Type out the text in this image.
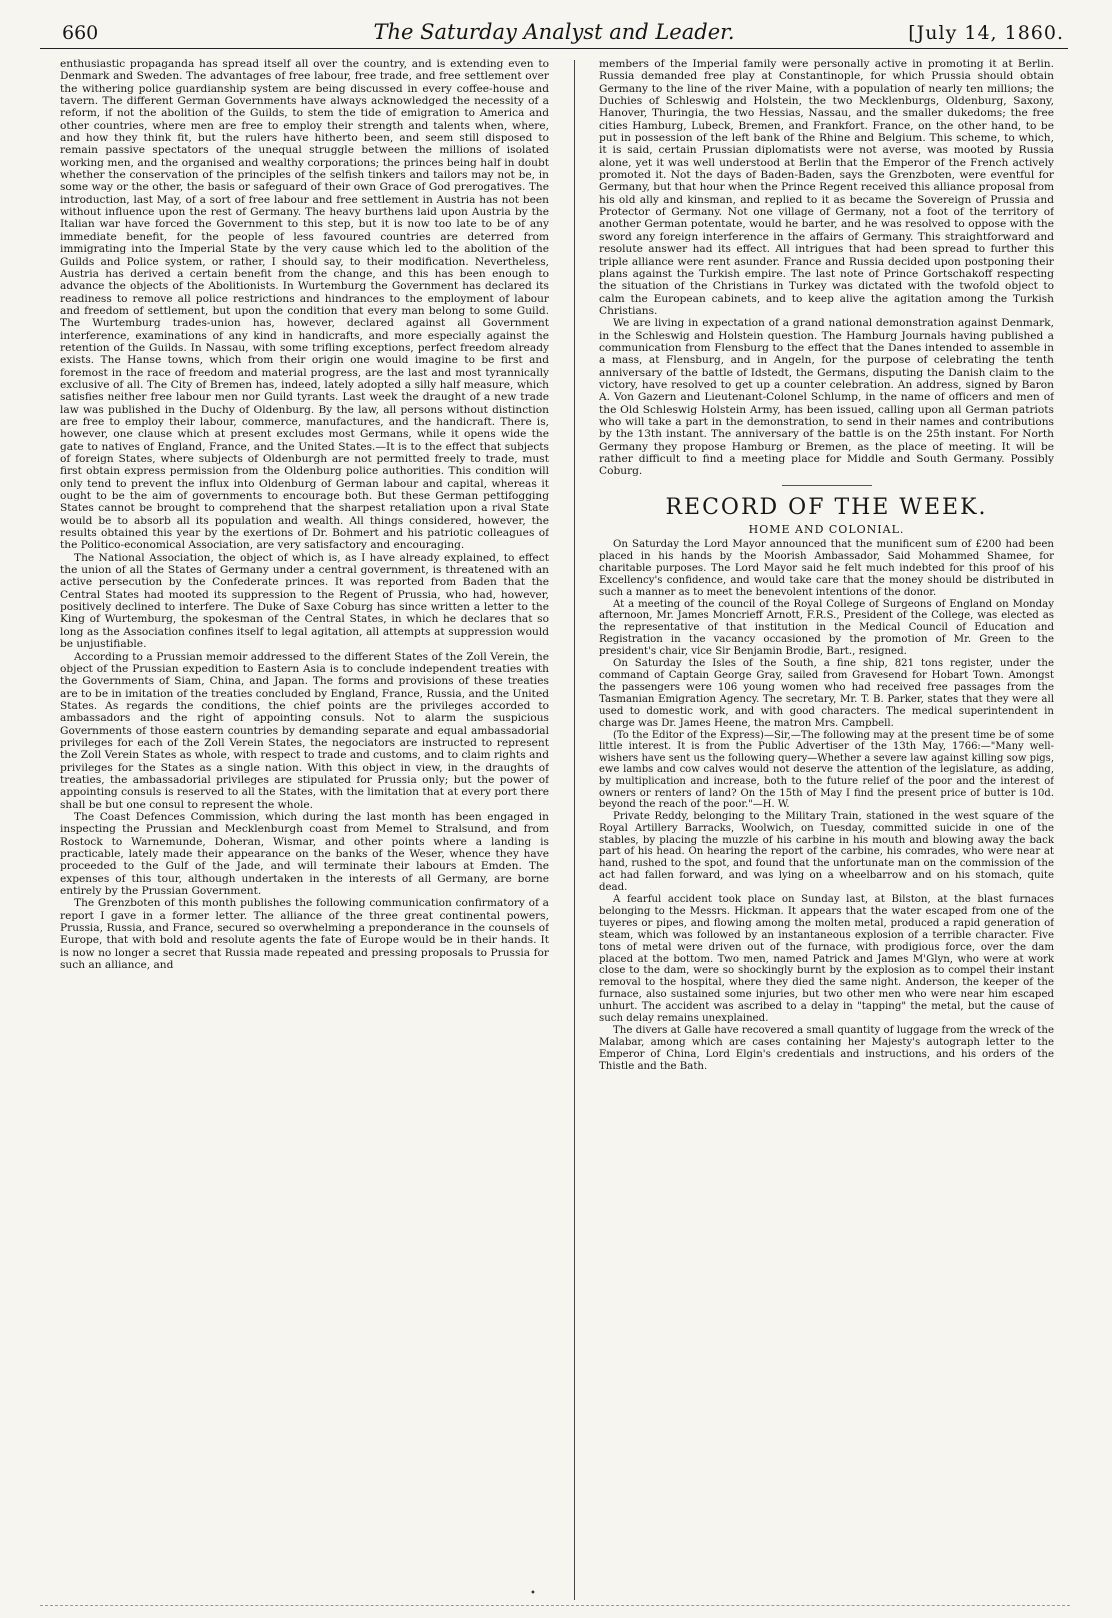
660	The Saturday Analyst and Leader.	[July 14, 1860.

enthusiastic propaganda has spread itself all over the country, and is extending even to Denmark and Sweden. The advantages of free labour, free trade, and free settlement over the withering police guardianship system are being discussed in every coffee-house and tavern. The different German Governments have always acknowledged the necessity of a reform, if not the abolition of the Guilds, to stem the tide of emigration to America and other countries, where men are free to employ their strength and talents when, where, and how they think fit, but the rulers have hitherto been, and seem still disposed to remain passive spectators of the unequal struggle between the millions of isolated working men, and the organised and wealthy corporations; the princes being half in doubt whether the conservation of the principles of the selfish tinkers and tailors may not be, in some way or the other, the basis or safeguard of their own Grace of God prerogatives. The introduction, last May, of a sort of free labour and free settlement in Austria has not been without influence upon the rest of Germany. The heavy burthens laid upon Austria by the Italian war have forced the Government to this step, but it is now too late to be of any immediate benefit, for the people of less favoured countries are deterred from immigrating into the Imperial State by the very cause which led to the abolition of the Guilds and Police system, or rather, I should say, to their modification. Nevertheless, Austria has derived a certain benefit from the change, and this has been enough to advance the objects of the Abolitionists. In Wurtemburg the Government has declared its readiness to remove all police restrictions and hindrances to the employment of labour and freedom of settlement, but upon the condition that every man belong to some Guild. The Wurtemburg trades-union has, however, declared against all Government interference, examinations of any kind in handicrafts, and more especially against the retention of the Guilds. In Nassau, with some trifling exceptions, perfect freedom already exists. The Hanse towns, which from their origin one would imagine to be first and foremost in the race of freedom and material progress, are the last and most tyrannically exclusive of all. The City of Bremen has, indeed, lately adopted a silly half measure, which satisfies neither free labour men nor Guild tyrants. Last week the draught of a new trade law was published in the Duchy of Oldenburg. By the law, all persons without distinction are free to employ their labour, commerce, manufactures, and the handicraft. There is, however, one clause which at present excludes most Germans, while it opens wide the gate to natives of England, France, and the United States.—It is to the effect that subjects of foreign States, where subjects of Oldenburgh are not permitted freely to trade, must first obtain express permission from the Oldenburg police authorities. This condition will only tend to prevent the influx into Oldenburg of German labour and capital, whereas it ought to be the aim of governments to encourage both. But these German pettifogging States cannot be brought to comprehend that the sharpest retaliation upon a rival State would be to absorb all its population and wealth. All things considered, however, the results obtained this year by the exertions of Dr. Bohmert and his patriotic colleagues of the Politico-economical Association, are very satisfactory and encouraging.

The National Association, the object of which is, as I have already explained, to effect the union of all the States of Germany under a central government, is threatened with an active persecution by the Confederate princes. It was reported from Baden that the Central States had mooted its suppression to the Regent of Prussia, who had, however, positively declined to interfere. The Duke of Saxe Coburg has since written a letter to the King of Wurtemburg, the spokesman of the Central States, in which he declares that so long as the Association confines itself to legal agitation, all attempts at suppression would be unjustifiable.

According to a Prussian memoir addressed to the different States of the Zoll Verein, the object of the Prussian expedition to Eastern Asia is to conclude independent treaties with the Governments of Siam, China, and Japan. The forms and provisions of these treaties are to be in imitation of the treaties concluded by England, France, Russia, and the United States. As regards the conditions, the chief points are the privileges accorded to ambassadors and the right of appointing consuls. Not to alarm the suspicious Governments of those eastern countries by demanding separate and equal ambassadorial privileges for each of the Zoll Verein States, the negociators are instructed to represent the Zoll Verein States as whole, with respect to trade and customs, and to claim rights and privileges for the States as a single nation. With this object in view, in the draughts of treaties, the ambassadorial privileges are stipulated for Prussia only; but the power of appointing consuls is reserved to all the States, with the limitation that at every port there shall be but one consul to represent the whole.

The Coast Defences Commission, which during the last month has been engaged in inspecting the Prussian and Mecklenburgh coast from Memel to Stralsund, and from Rostock to Warnemunde, Doheran, Wismar, and other points where a landing is practicable, lately made their appearance on the banks of the Weser, whence they have proceeded to the Gulf of the Jade, and will terminate their labours at Emden. The expenses of this tour, although undertaken in the interests of all Germany, are borne entirely by the Prussian Government.

The Grenzboten of this month publishes the following communication confirmatory of a report I gave in a former letter. The alliance of the three great continental powers, Prussia, Russia, and France, secured so overwhelming a preponderance in the counsels of Europe, that with bold and resolute agents the fate of Europe would be in their hands. It is now no longer a secret that Russia made repeated and pressing proposals to Prussia for such an alliance, and

members of the Imperial family were personally active in promoting it at Berlin. Russia demanded free play at Constantinople, for which Prussia should obtain Germany to the line of the river Maine, with a population of nearly ten millions; the Duchies of Schleswig and Holstein, the two Mecklenburgs, Oldenburg, Saxony, Hanover, Thuringia, the two Hessias, Nassau, and the smaller dukedoms; the free cities Hamburg, Lubeck, Bremen, and Frankfort. France, on the other hand, to be put in possession of the left bank of the Rhine and Belgium. This scheme, to which, it is said, certain Prussian diplomatists were not averse, was mooted by Russia alone, yet it was well understood at Berlin that the Emperor of the French actively promoted it. Not the days of Baden-Baden, says the Grenzboten, were eventful for Germany, but that hour when the Prince Regent received this alliance proposal from his old ally and kinsman, and replied to it as became the Sovereign of Prussia and Protector of Germany. Not one village of Germany, not a foot of the territory of another German potentate, would he barter, and he was resolved to oppose with the sword any foreign interference in the affairs of Germany. This straightforward and resolute answer had its effect. All intrigues that had been spread to further this triple alliance were rent asunder. France and Russia decided upon postponing their plans against the Turkish empire. The last note of Prince Gortschakoff respecting the situation of the Christians in Turkey was dictated with the twofold object to calm the European cabinets, and to keep alive the agitation among the Turkish Christians.

We are living in expectation of a grand national demonstration against Denmark, in the Schleswig and Holstein question. The Hamburg Journals having published a communication from Flensburg to the effect that the Danes intended to assemble in a mass, at Flensburg, and in Angeln, for the purpose of celebrating the tenth anniversary of the battle of Idstedt, the Germans, disputing the Danish claim to the victory, have resolved to get up a counter celebration. An address, signed by Baron A. Von Gazern and Lieutenant-Colonel Schlump, in the name of officers and men of the Old Schleswig Holstein Army, has been issued, calling upon all German patriots who will take a part in the demonstration, to send in their names and contributions by the 13th instant. The anniversary of the battle is on the 25th instant. For North Germany they propose Hamburg or Bremen, as the place of meeting. It will be rather difficult to find a meeting place for Middle and South Germany. Possibly Coburg.

RECORD OF THE WEEK.
HOME AND COLONIAL.

On Saturday the Lord Mayor announced that the munificent sum of £200 had been placed in his hands by the Moorish Ambassador, Said Mohammed Shamee, for charitable purposes. The Lord Mayor said he felt much indebted for this proof of his Excellency's confidence, and would take care that the money should be distributed in such a manner as to meet the benevolent intentions of the donor.

At a meeting of the council of the Royal College of Surgeons of England on Monday afternoon, Mr. James Moncrieff Arnott, F.R.S., President of the College, was elected as the representative of that institution in the Medical Council of Education and Registration in the vacancy occasioned by the promotion of Mr. Green to the president's chair, vice Sir Benjamin Brodie, Bart., resigned.

On Saturday the Isles of the South, a fine ship, 821 tons register, under the command of Captain George Gray, sailed from Gravesend for Hobart Town. Amongst the passengers were 106 young women who had received free passages from the Tasmanian Emigration Agency. The secretary, Mr. T. B. Parker, states that they were all used to domestic work, and with good characters. The medical superintendent in charge was Dr. James Heene, the matron Mrs. Campbell.

(To the Editor of the Express)—Sir,—The following may at the present time be of some little interest. It is from the Public Advertiser of the 13th May, 1766:—"Many well-wishers have sent us the following query—Whether a severe law against killing sow pigs, ewe lambs and cow calves would not deserve the attention of the legislature, as adding, by multiplication and increase, both to the future relief of the poor and the interest of owners or renters of land? On the 15th of May I find the present price of butter is 10d. beyond the reach of the poor."—H. W.

Private Reddy, belonging to the Military Train, stationed in the west square of the Royal Artillery Barracks, Woolwich, on Tuesday, committed suicide in one of the stables, by placing the muzzle of his carbine in his mouth and blowing away the back part of his head. On hearing the report of the carbine, his comrades, who were near at hand, rushed to the spot, and found that the unfortunate man on the commission of the act had fallen forward, and was lying on a wheelbarrow and on his stomach, quite dead.

A fearful accident took place on Sunday last, at Bilston, at the blast furnaces belonging to the Messrs. Hickman. It appears that the water escaped from one of the tuyeres or pipes, and flowing among the molten metal, produced a rapid generation of steam, which was followed by an instantaneous explosion of a terrible character. Five tons of metal were driven out of the furnace, with prodigious force, over the dam placed at the bottom. Two men, named Patrick and James M'Glyn, who were at work close to the dam, were so shockingly burnt by the explosion as to compel their instant removal to the hospital, where they died the same night. Anderson, the keeper of the furnace, also sustained some injuries, but two other men who were near him escaped unhurt. The accident was ascribed to a delay in "tapping" the metal, but the cause of such delay remains unexplained.

The divers at Galle have recovered a small quantity of luggage from the wreck of the Malabar, among which are cases containing her Majesty's autograph letter to the Emperor of China, Lord Elgin's credentials and instructions, and his orders of the Thistle and the Bath.

•
